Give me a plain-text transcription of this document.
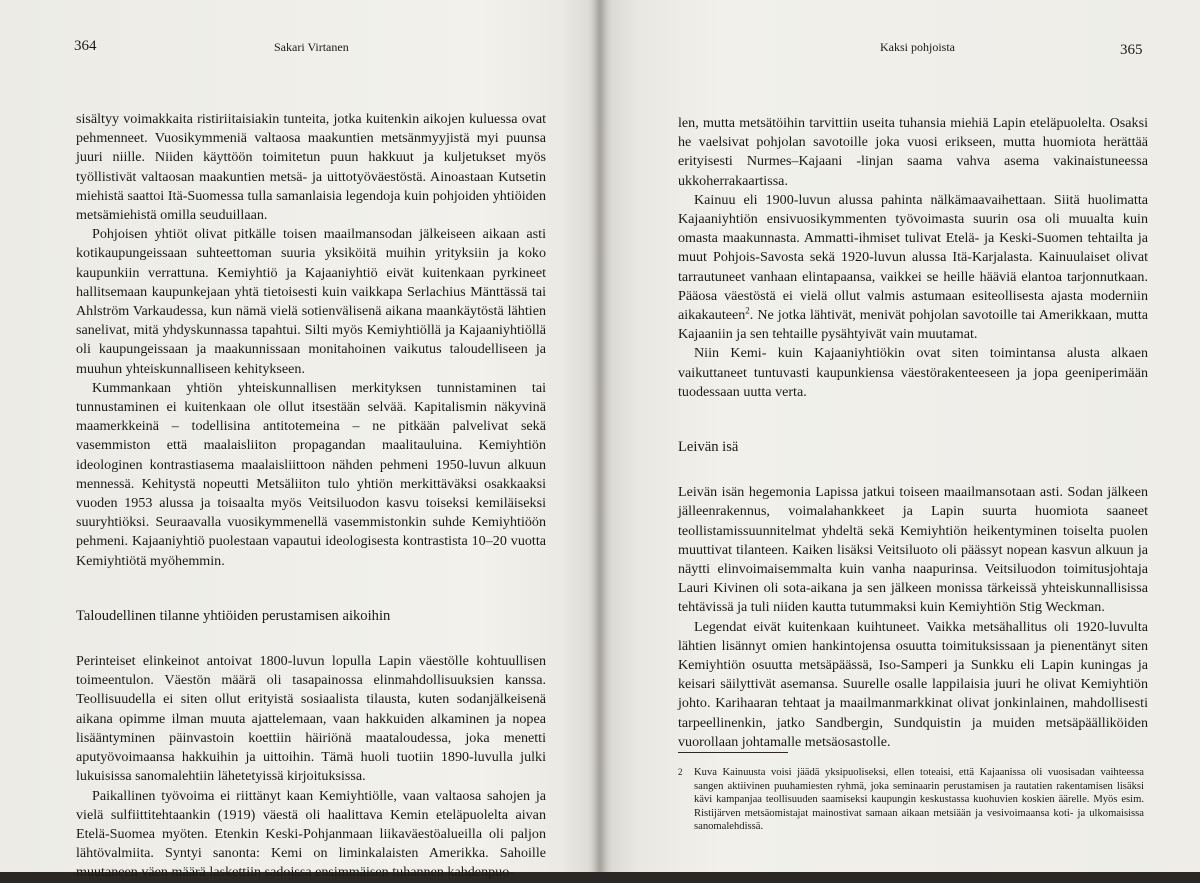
364	Sakari Virtanen

sisältyy voimakkaita ristiriitaisiakin tunteita, jotka kuitenkin aikojen kuluessa ovat pehmenneet. Vuosikymmeniä valtaosa maakuntien metsänmyyjistä myi puunsa juuri niille. Niiden käyttöön toimitetun puun hakkuut ja kuljetukset myös työllistivät valtaosan maakuntien metsä- ja uittotyöväestöstä. Ainoastaan Kutsetin miehistä saattoi Itä-Suomessa tulla samanlaisia legendoja kuin pohjoiden yhtiöiden metsämiehistä omilla seuduillaan.

Pohjoisen yhtiöt olivat pitkälle toisen maailmansodan jälkeiseen aikaan asti kotikaupungeissaan suhteettoman suuria yksiköitä muihin yrityksiin ja koko kaupunkiin verrattuna. Kemiyhtiö ja Kajaaniyhtiö eivät kuitenkaan pyrkineet hallitsemaan kaupunkejaan yhtä tietoisesti kuin vaikkapa Serlachius Mänttässä tai Ahlström Varkaudessa, kun nämä vielä sotienvälisenä aikana maankäytöstä lähtien sanelivat, mitä yhdyskunnassa tapahtui. Silti myös Kemiyhtiöllä ja Kajaaniyhtiöllä oli kaupungeissaan ja maakunnissaan monitahoinen vaikutus taloudelliseen ja muuhun yhteiskunnalliseen kehitykseen.

Kummankaan yhtiön yhteiskunnallisen merkityksen tunnistaminen tai tunnustaminen ei kuitenkaan ole ollut itsestään selvää. Kapitalismin näkyvinä maamerkkeinä – todellisina antitotemeina – ne pitkään palvelivat sekä vasemmiston että maalaisliiton propagandan maalitauluina. Kemiyhtiön ideologinen kontrastiasema maalaisliittoon nähden pehmeni 1950-luvun alkuun mennessä. Kehitystä nopeutti Metsäliiton tulo yhtiön merkittäväksi osakkaaksi vuoden 1953 alussa ja toisaalta myös Veitsiluodon kasvu toiseksi kemiläiseksi suuryhtiöksi. Seuraavalla vuosikymmenellä vasemmistonkin suhde Kemiyhtiöön pehmeni. Kajaaniyhtiö puolestaan vapautui ideologisesta kontrastista 10–20 vuotta Kemiyhtiötä myöhemmin.

Taloudellinen tilanne yhtiöiden perustamisen aikoihin

Perinteiset elinkeinot antoivat 1800-luvun lopulla Lapin väestölle kohtuullisen toimeentulon. Väestön määrä oli tasapainossa elinmahdollisuuksien kanssa. Teollisuudella ei siten ollut erityistä sosiaalista tilausta, kuten sodanjälkeisenä aikana opimme ilman muuta ajattelemaan, vaan hakkuiden alkaminen ja nopea lisääntyminen päinvastoin koettiin häiriönä maataloudessa, joka menetti aputyövoimaansa hakkuihin ja uittoihin. Tämä huoli tuotiin 1890-luvulla julki lukuisissa sanomalehtiin lähetetyissä kirjoituksissa.

Paikallinen työvoima ei riittänyt kaan Kemiyhtiölle, vaan valtaosa sahojen ja vielä sulfiittitehtaankin (1919) väestä oli haalittava Kemin eteläpuolelta aivan Etelä-Suomea myöten. Etenkin Keski-Pohjanmaan liikaväestöalueilla oli paljon lähtövalmiita. Syntyi sanonta: Kemi on liminkalaisten Amerikka. Sahoille muutaneen väen määrä laskettiin sadoissa ensimmäisen tuhannen kahdenpuo-

Kaksi pohjoista	365

len, mutta metsätöihin tarvittiin useita tuhansia miehiä Lapin eteläpuolelta. Osaksi he vaelsivat pohjolan savotoille joka vuosi erikseen, mutta huomiota herättää erityisesti Nurmes–Kajaani -linjan saama vahva asema vakinaistuneessa ukkoherrakaartissa.

Kainuu eli 1900-luvun alussa pahinta nälkämaavaihettaan. Siitä huolimatta Kajaaniyhtiön ensivuosikymmenten työvoimasta suurin osa oli muualta kuin omasta maakunnasta. Ammatti-ihmiset tulivat Etelä- ja Keski-Suomen tehtailta ja muut Pohjois-Savosta sekä 1920-luvun alussa Itä-Karjalasta. Kainuulaiset olivat tarrautuneet vanhaan elintapaansa, vaikkei se heille hääviä elantoa tarjonnutkaan. Pääosa väestöstä ei vielä ollut valmis astumaan esiteollisesta ajasta moderniin aikakauteen$^2$. Ne jotka lähtivät, menivät pohjolan savotoille tai Amerikkaan, mutta Kajaaniin ja sen tehtaille pysähtyivät vain muutamat.

Niin Kemi- kuin Kajaaniyhtiökin ovat siten toimintansa alusta alkaen vaikuttaneet tuntuvasti kaupunkiensa väestörakenteeseen ja jopa geeniperimään tuodessaan uutta verta.

Leivän isä

Leivän isän hegemonia Lapissa jatkui toiseen maailmansotaan asti. Sodan jälkeen jälleenrakennus, voimalahankkeet ja Lapin suurta huomiota saaneet teollistamissuunnitelmat yhdeltä sekä Kemiyhtiön heikentyminen toiselta puolen muuttivat tilanteen. Kaiken lisäksi Veitsiluoto oli päässyt nopean kasvun alkuun ja näytti elinvoimaisemmalta kuin vanha naapurinsa. Veitsiluodon toimitusjohtaja Lauri Kivinen oli sota-aikana ja sen jälkeen monissa tärkeissä yhteiskunnallisissa tehtävissä ja tuli niiden kautta tutummaksi kuin Kemiyhtiön Stig Weckman.

Legendat eivät kuitenkaan kuihtuneet. Vaikka metsähallitus oli 1920-luvulta lähtien lisännyt omien hankintojensa osuutta toimituksissaan ja pienentänyt siten Kemiyhtiön osuutta metsäpäässä, Iso-Samperi ja Sunkku eli Lapin kuningas ja keisari säilyttivät asemansa. Suurelle osalle lappilaisia juuri he olivat Kemiyhtiön johto. Karihaaran tehtaat ja maailmanmarkkinat olivat jonkinlainen, mahdollisesti tarpeellinenkin, jatko Sandbergin, Sundquistin ja muiden metsäpäälliköiden vuorollaan johtamalle metsäosastolle.

2 Kuva Kainuusta voisi jäädä yksipuoliseksi, ellen toteaisi, että Kajaanissa oli vuosisadan vaihteessa sangen aktiivinen puuhamiesten ryhmä, joka seminaarin perustamisen ja rautatien rakentamisen lisäksi kävi kampanjaa teollisuuden saamiseksi kaupungin keskustassa kuohuvien koskien äärelle. Myös esim. Ristijärven metsäomistajat mainostivat samaan aikaan metsiään ja vesivoimaansa koti- ja ulkomaisissa sanomalehdissä.
